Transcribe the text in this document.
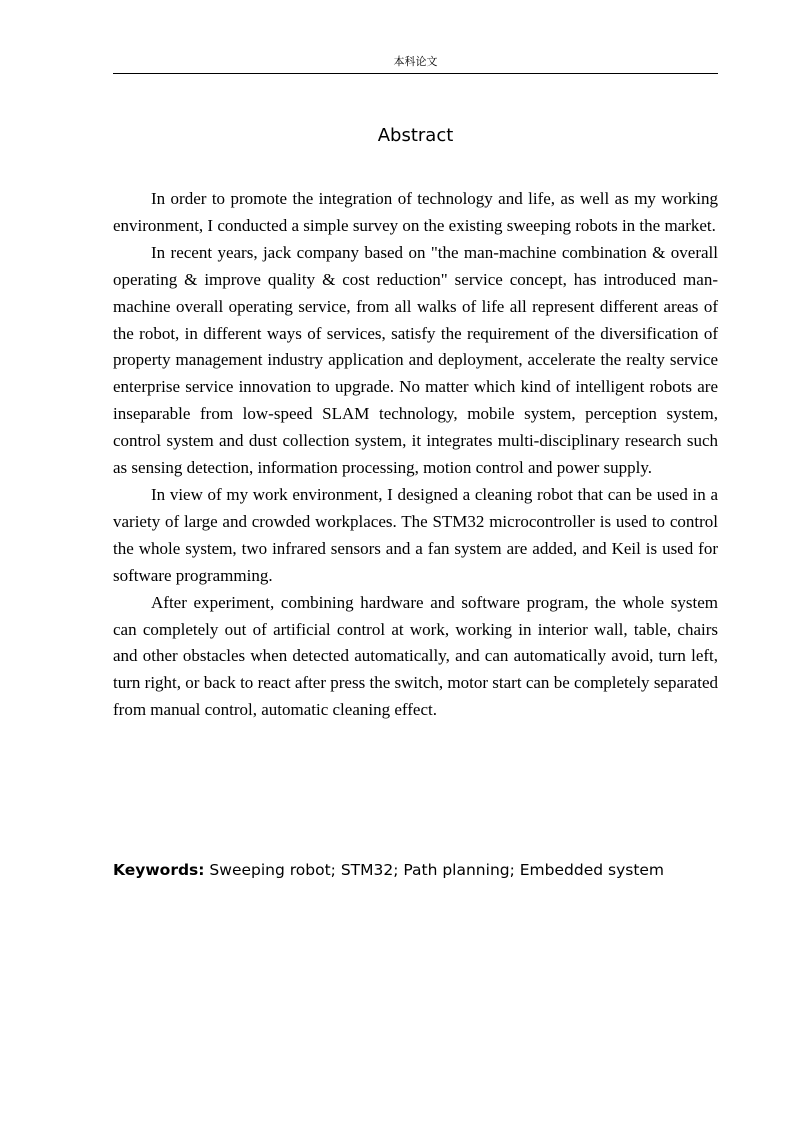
本科论文
Abstract

In order to promote the integration of technology and life, as well as my working environment, I conducted a simple survey on the existing sweeping robots in the market.

In recent years, jack company based on "the man-machine combination & overall operating & improve quality & cost reduction" service concept, has introduced man-machine overall operating service, from all walks of life all represent different areas of the robot, in different ways of services, satisfy the requirement of the diversification of property management industry application and deployment, accelerate the realty service enterprise service innovation to upgrade. No matter which kind of intelligent robots are inseparable from low-speed SLAM technology, mobile system, perception system, control system and dust collection system, it integrates multi-disciplinary research such as sensing detection, information processing, motion control and power supply.

In view of my work environment, I designed a cleaning robot that can be used in a variety of large and crowded workplaces. The STM32 microcontroller is used to control the whole system, two infrared sensors and a fan system are added, and Keil is used for software programming.

After experiment, combining hardware and software program, the whole system can completely out of artificial control at work, working in interior wall, table, chairs and other obstacles when detected automatically, and can automatically avoid, turn left, turn right, or back to react after press the switch, motor start can be completely separated from manual control, automatic cleaning effect.

Keywords: Sweeping robot; STM32; Path planning; Embedded system
